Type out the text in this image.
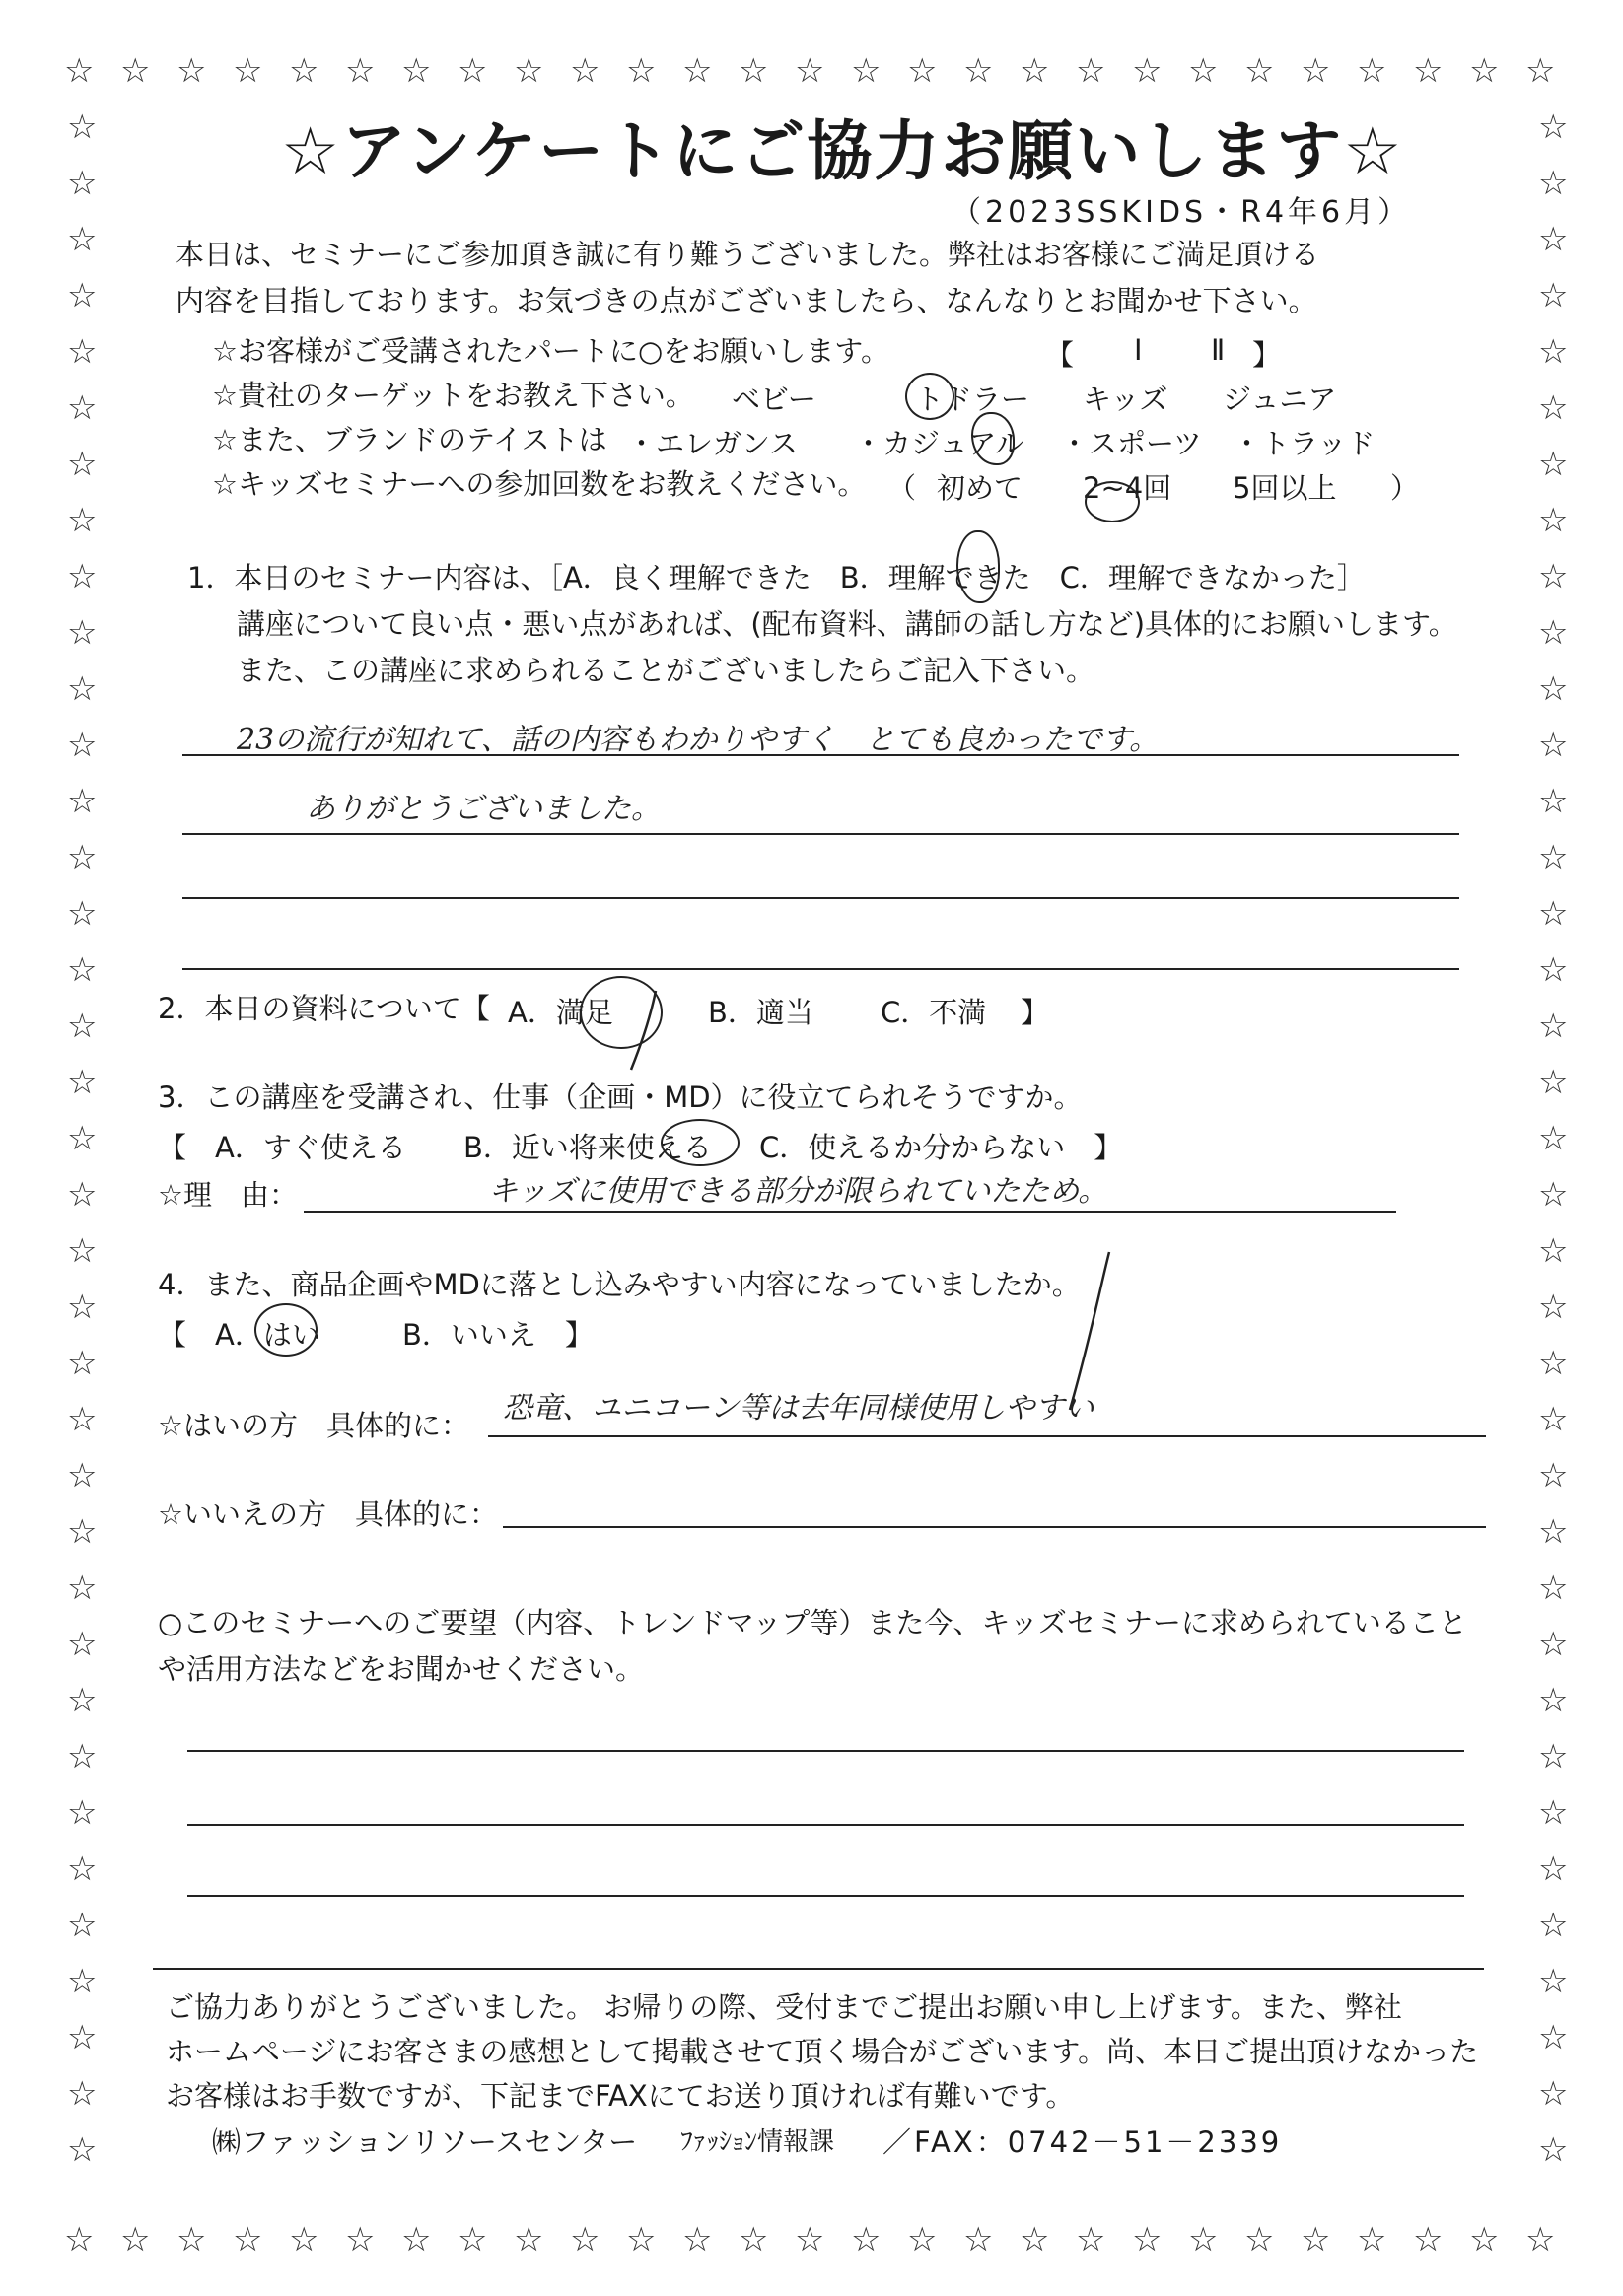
☆
☆
☆
☆
☆
☆
☆
☆
☆
☆
☆
☆
☆
☆
☆
☆
☆
☆
☆
☆
☆
☆
☆
☆
☆
☆
☆
☆
☆
☆
☆
☆
☆
☆
☆
☆
☆
☆
☆
☆
☆
☆
☆
☆
☆
☆
☆
☆
☆
☆
☆
☆
☆
☆
☆	☆
☆	☆
☆	☆
☆	☆
☆	☆
☆	☆
☆	☆
☆	☆
☆	☆
☆	☆
☆	☆
☆	☆
☆	☆
☆	☆
☆	☆
☆	☆
☆	☆
☆	☆
☆	☆
☆	☆
☆	☆
☆	☆
☆	☆
☆	☆
☆	☆
☆	☆
☆	☆
☆	☆
☆	☆
☆	☆
☆	☆
☆	☆
☆	☆
☆	☆
☆	☆
☆	☆
☆	☆
☆アンケートにご協力お願いします☆
（2023SSKIDS・R4年6月）
本日は、セミナーにご参加頂き誠に有り難うございました。弊社はお客様にご満足頂ける
内容を目指しております。お気づきの点がございましたら、なんなりとお聞かせ下さい。
☆お客様がご受講されたパートに○をお願いします。	【 Ⅰ Ⅱ 】
☆貴社のターゲットをお教え下さい。 ベビー	トドラー キッズ ジュニア
☆また、ブランドのテイストは ・エレガンス ・カジュアル ・スポーツ ・トラッド
☆キッズセミナーへの参加回数をお教えください。 （ 初めて 2~4回 5回以上 ）
1．本日のセミナー内容は、［A．良く理解できた　B．理解できた　C．理解できなかった］
講座について良い点・悪い点があれば、(配布資料、講師の話し方など)具体的にお願いします。
また、この講座に求められることがございましたらご記入下さい。
23の流行が知れて、話の内容もわかりやすく　とても良かったです。
ありがとうございました。
2．本日の資料について【 A．満足	B．適当 C．不満 】
3．この講座を受講され、仕事（企画・MD）に役立てられそうですか。
【　A．すぐ使える B．近い将来使える C．使えるか分からない　】
☆理　由：	キッズに使用できる部分が限られていたため。
4．また、商品企画やMDに落とし込みやすい内容になっていましたか。
【　A．はい	B．いいえ　】
☆はいの方　具体的に： 恐竜、ユニコーン等は去年同様使用しやすい
☆いいえの方　具体的に：
○このセミナーへのご要望（内容、トレンドマップ等）また今、キッズセミナーに求められていること
や活用方法などをお聞かせください。
ご協力ありがとうございました。 お帰りの際、受付までご提出お願い申し上げます。また、弊社
ホームページにお客さまの感想として掲載させて頂く場合がございます。尚、本日ご提出頂けなかった
お客様はお手数ですが、下記までFAXにてお送り頂ければ有難いです。
㈱ファッションリソースセンター ﾌｧｯｼｮﾝ情報課 ／FAX：0742－51－2339
